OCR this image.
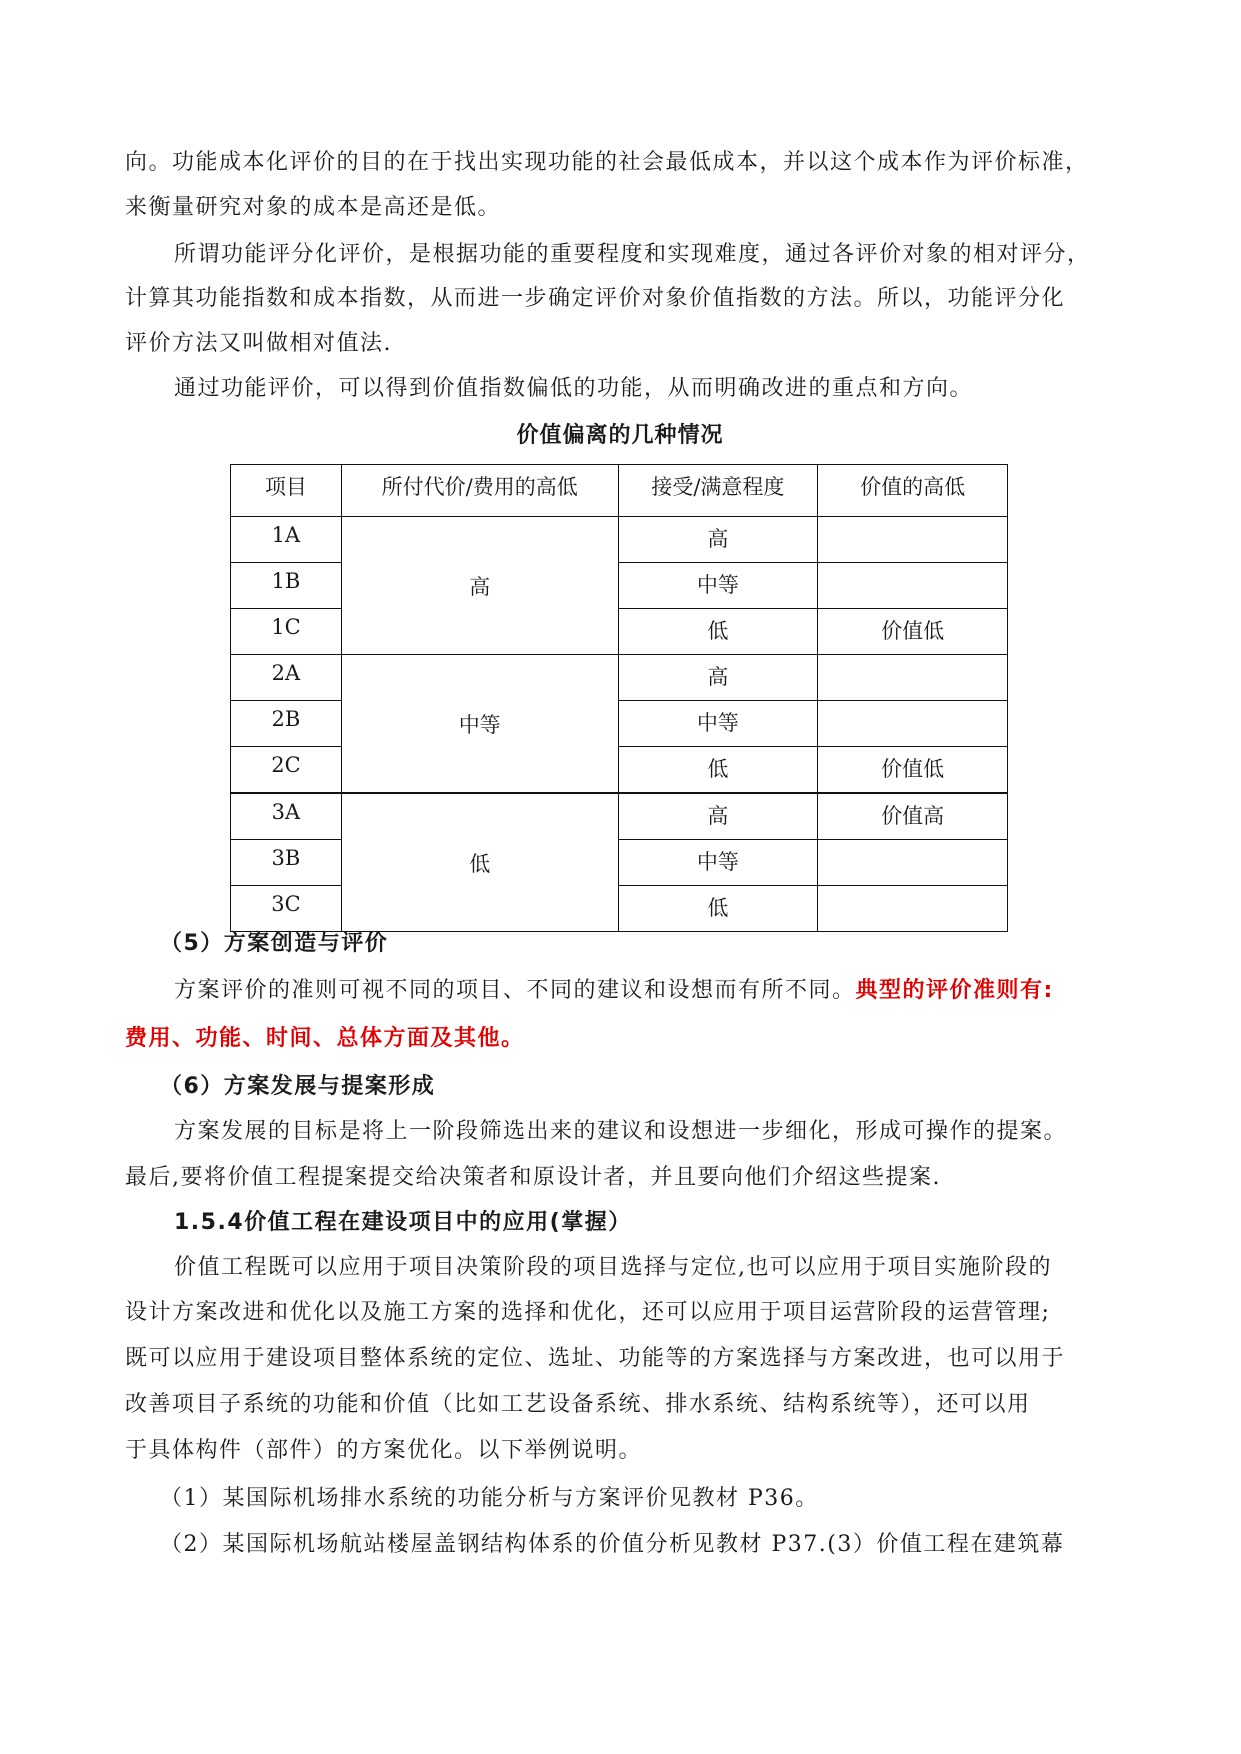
向。功能成本化评价的目的在于找出实现功能的社会最低成本，并以这个成本作为评价标准，

来衡量研究对象的成本是高还是低。

所谓功能评分化评价，是根据功能的重要程度和实现难度，通过各评价对象的相对评分，

计算其功能指数和成本指数，从而进一步确定评价对象价值指数的方法。所以，功能评分化

评价方法又叫做相对值法.

通过功能评价，可以得到价值指数偏低的功能，从而明确改进的重点和方向。

价值偏离的几种情况
项目	所付代价/费用的高低	接受/满意程度	价值的高低
1A	高	高	
1B		中等	
1C		低	价值低
2A	中等	高	
2B		中等	
2C		低	价值低
3A	低	高	价值高
3B		中等	
3C		低	

（5）方案创造与评价

方案评价的准则可视不同的项目、不同的建议和设想而有所不同。典型的评价准则有:

费用、功能、时间、总体方面及其他。

（6）方案发展与提案形成

方案发展的目标是将上一阶段筛选出来的建议和设想进一步细化，形成可操作的提案。

最后,要将价值工程提案提交给决策者和原设计者，并且要向他们介绍这些提案.

1.5.4价值工程在建设项目中的应用(掌握）

价值工程既可以应用于项目决策阶段的项目选择与定位,也可以应用于项目实施阶段的

设计方案改进和优化以及施工方案的选择和优化，还可以应用于项目运营阶段的运营管理;

既可以应用于建设项目整体系统的定位、选址、功能等的方案选择与方案改进，也可以用于

改善项目子系统的功能和价值（比如工艺设备系统、排水系统、结构系统等），还可以用

于具体构件（部件）的方案优化。以下举例说明。

（1）某国际机场排水系统的功能分析与方案评价见教材 P36。

（2）某国际机场航站楼屋盖钢结构体系的价值分析见教材 P37.(3）价值工程在建筑幕
